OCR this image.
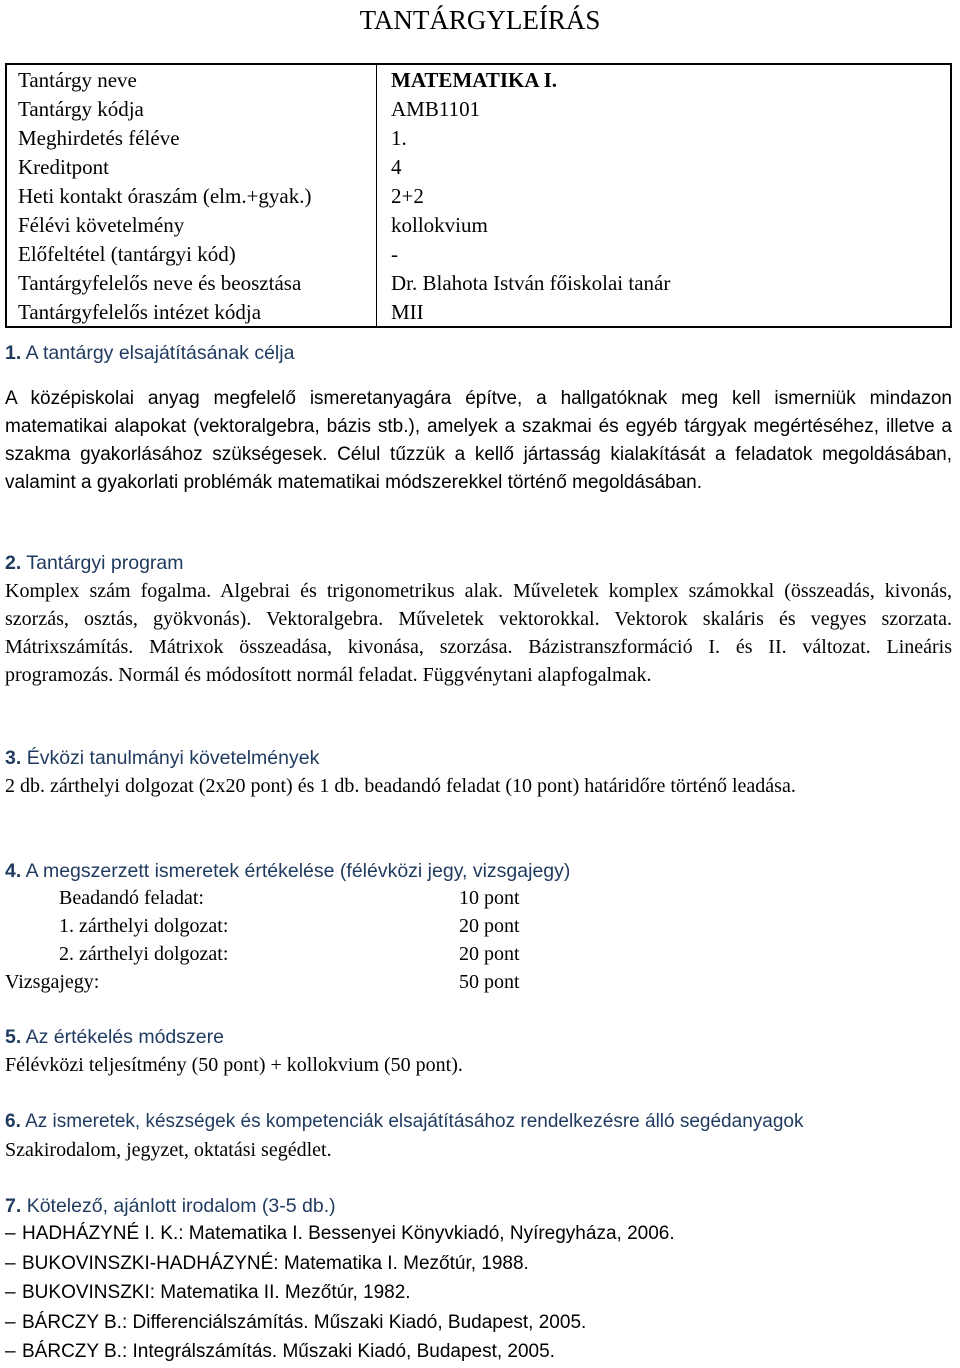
TANTÁRGYLEÍRÁS
Tantárgy neve	MATEMATIKA I.
Tantárgy kódja	AMB1101
Meghirdetés féléve	1.
Kreditpont	4
Heti kontakt óraszám (elm.+gyak.)	2+2
Félévi követelmény	kollokvium
Előfeltétel (tantárgyi kód)	-
Tantárgyfelelős neve és beosztása	Dr. Blahota István főiskolai tanár
Tantárgyfelelős intézet kódja	MII
1. A tantárgy elsajátításának célja
A középiskolai anyag megfelelő ismeretanyagára építve, a hallgatóknak meg kell ismerniük mindazon matematikai alapokat (vektoralgebra, bázis stb.), amelyek a szakmai és egyéb tárgyak megértéséhez, illetve a szakma gyakorlásához szükségesek. Célul tűzzük a kellő jártasság kialakítását a feladatok megoldásában, valamint a gyakorlati problémák matematikai módszerekkel történő megoldásában.
2. Tantárgyi program
Komplex szám fogalma. Algebrai és trigonometrikus alak. Műveletek komplex számokkal (összeadás, kivonás, szorzás, osztás, gyökvonás). Vektoralgebra. Műveletek vektorokkal. Vektorok skaláris és vegyes szorzata. Mátrixszámítás. Mátrixok összeadása, kivonása, szorzása. Bázistranszformáció I. és II. változat. Lineáris programozás. Normál és módosított normál feladat. Függvénytani alapfogalmak.
3. Évközi tanulmányi követelmények
2 db. zárthelyi dolgozat (2x20 pont) és 1 db. beadandó feladat (10 pont) határidőre történő leadása.
4. A megszerzett ismeretek értékelése (félévközi jegy, vizsgajegy)
Beadandó feladat:	10 pont
1. zárthelyi dolgozat:	20 pont
2. zárthelyi dolgozat:	20 pont
Vizsgajegy:	50 pont
5. Az értékelés módszere
Félévközi teljesítmény (50 pont) + kollokvium (50 pont).
6. Az ismeretek, készségek és kompetenciák elsajátításához rendelkezésre álló segédanyagok
Szakirodalom, jegyzet, oktatási segédlet.
7. Kötelező, ajánlott irodalom (3-5 db.)
– HADHÁZYNÉ I. K.: Matematika I. Bessenyei Könyvkiadó, Nyíregyháza, 2006.
– BUKOVINSZKI-HADHÁZYNÉ: Matematika I. Mezőtúr, 1988.
– BUKOVINSZKI: Matematika II. Mezőtúr, 1982.
– BÁRCZY B.: Differenciálszámítás. Műszaki Kiadó, Budapest, 2005.
– BÁRCZY B.: Integrálszámítás. Műszaki Kiadó, Budapest, 2005.
